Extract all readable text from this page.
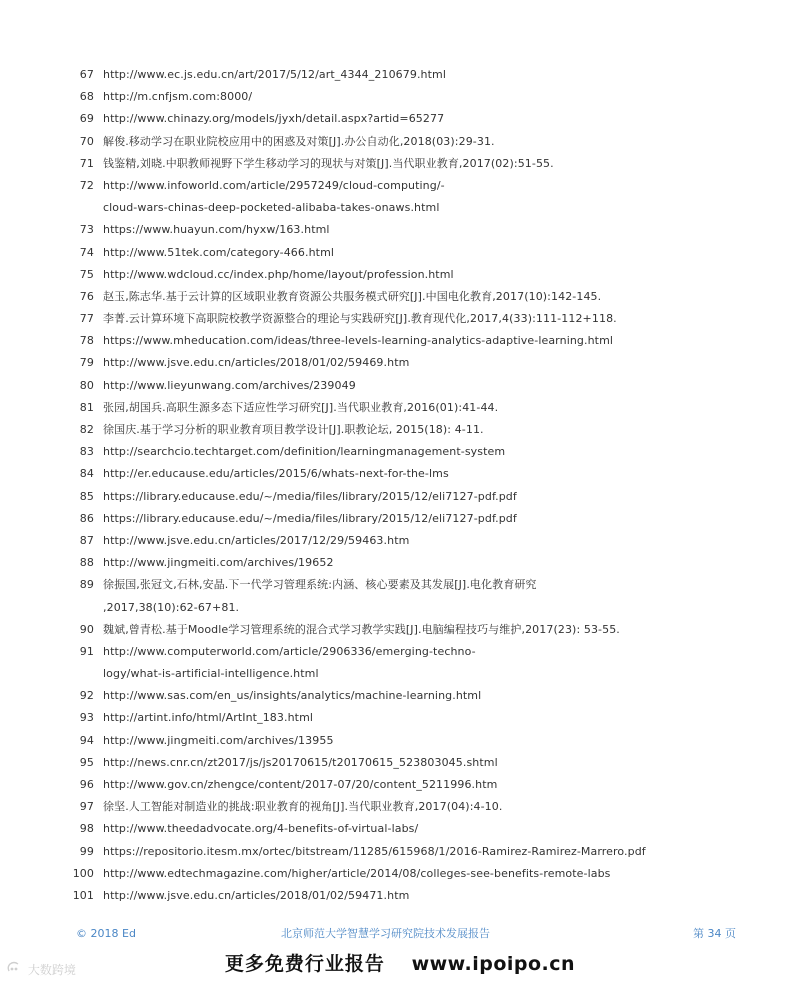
67 http://www.ec.js.edu.cn/art/2017/5/12/art_4344_210679.html
68 http://m.cnfjsm.com:8000/
69 http://www.chinazy.org/models/jyxh/detail.aspx?artid=65277
70 解俊.移动学习在职业院校应用中的困惑及对策[J].办公自动化,2018(03):29-31.
71 钱鉴精,刘晓.中职教师视野下学生移动学习的现状与对策[J].当代职业教育,2017(02):51-55.
72 http://www.infoworld.com/article/2957249/cloud-computing/-
cloud-wars-chinas-deep-pocketed-alibaba-takes-onaws.html
73 https://www.huayun.com/hyxw/163.html
74 http://www.51tek.com/category-466.html
75 http://www.wdcloud.cc/index.php/home/layout/profession.html
76 赵玉,陈志华.基于云计算的区域职业教育资源公共服务模式研究[J].中国电化教育,2017(10):142-145.
77 李菁.云计算环境下高职院校教学资源整合的理论与实践研究[J].教育现代化,2017,4(33):111-112+118.
78 https://www.mheducation.com/ideas/three-levels-learning-analytics-adaptive-learning.html
79 http://www.jsve.edu.cn/articles/2018/01/02/59469.htm
80 http://www.lieyunwang.com/archives/239049
81 张园,胡国兵.高职生源多态下适应性学习研究[J].当代职业教育,2016(01):41-44.
82 徐国庆.基于学习分析的职业教育项目教学设计[J].职教论坛, 2015(18): 4-11.
83 http://searchcio.techtarget.com/definition/learningmanagement-system
84 http://er.educause.edu/articles/2015/6/whats-next-for-the-lms
85 https://library.educause.edu/~/media/files/library/2015/12/eli7127-pdf.pdf
86 https://library.educause.edu/~/media/files/library/2015/12/eli7127-pdf.pdf
87 http://www.jsve.edu.cn/articles/2017/12/29/59463.htm
88 http://www.jingmeiti.com/archives/19652
89 徐振国,张冠文,石林,安晶.下一代学习管理系统:内涵、核心要素及其发展[J].电化教育研究
,2017,38(10):62-67+81.
90 魏斌,曾青松.基于Moodle学习管理系统的混合式学习教学实践[J].电脑编程技巧与维护,2017(23): 53-55.
91 http://www.computerworld.com/article/2906336/emerging-techno-
logy/what-is-artificial-intelligence.html
92 http://www.sas.com/en_us/insights/analytics/machine-learning.html
93 http://artint.info/html/ArtInt_183.html
94 http://www.jingmeiti.com/archives/13955
95 http://news.cnr.cn/zt2017/js/js20170615/t20170615_523803045.shtml
96 http://www.gov.cn/zhengce/content/2017-07/20/content_5211996.htm
97 徐坚.人工智能对制造业的挑战:职业教育的视角[J].当代职业教育,2017(04):4-10.
98 http://www.theedadvocate.org/4-benefits-of-virtual-labs/
99 https://repositorio.itesm.mx/ortec/bitstream/11285/615968/1/2016-Ramirez-Ramirez-Marrero.pdf
100 http://www.edtechmagazine.com/higher/article/2014/08/colleges-see-benefits-remote-labs
101 http://www.jsve.edu.cn/articles/2018/01/02/59471.htm
© 2018 Ed	北京师范大学智慧学习研究院技术发展报告	第 34 页
大数跨境	更多免费行业报告 www.ipoipo.cn
